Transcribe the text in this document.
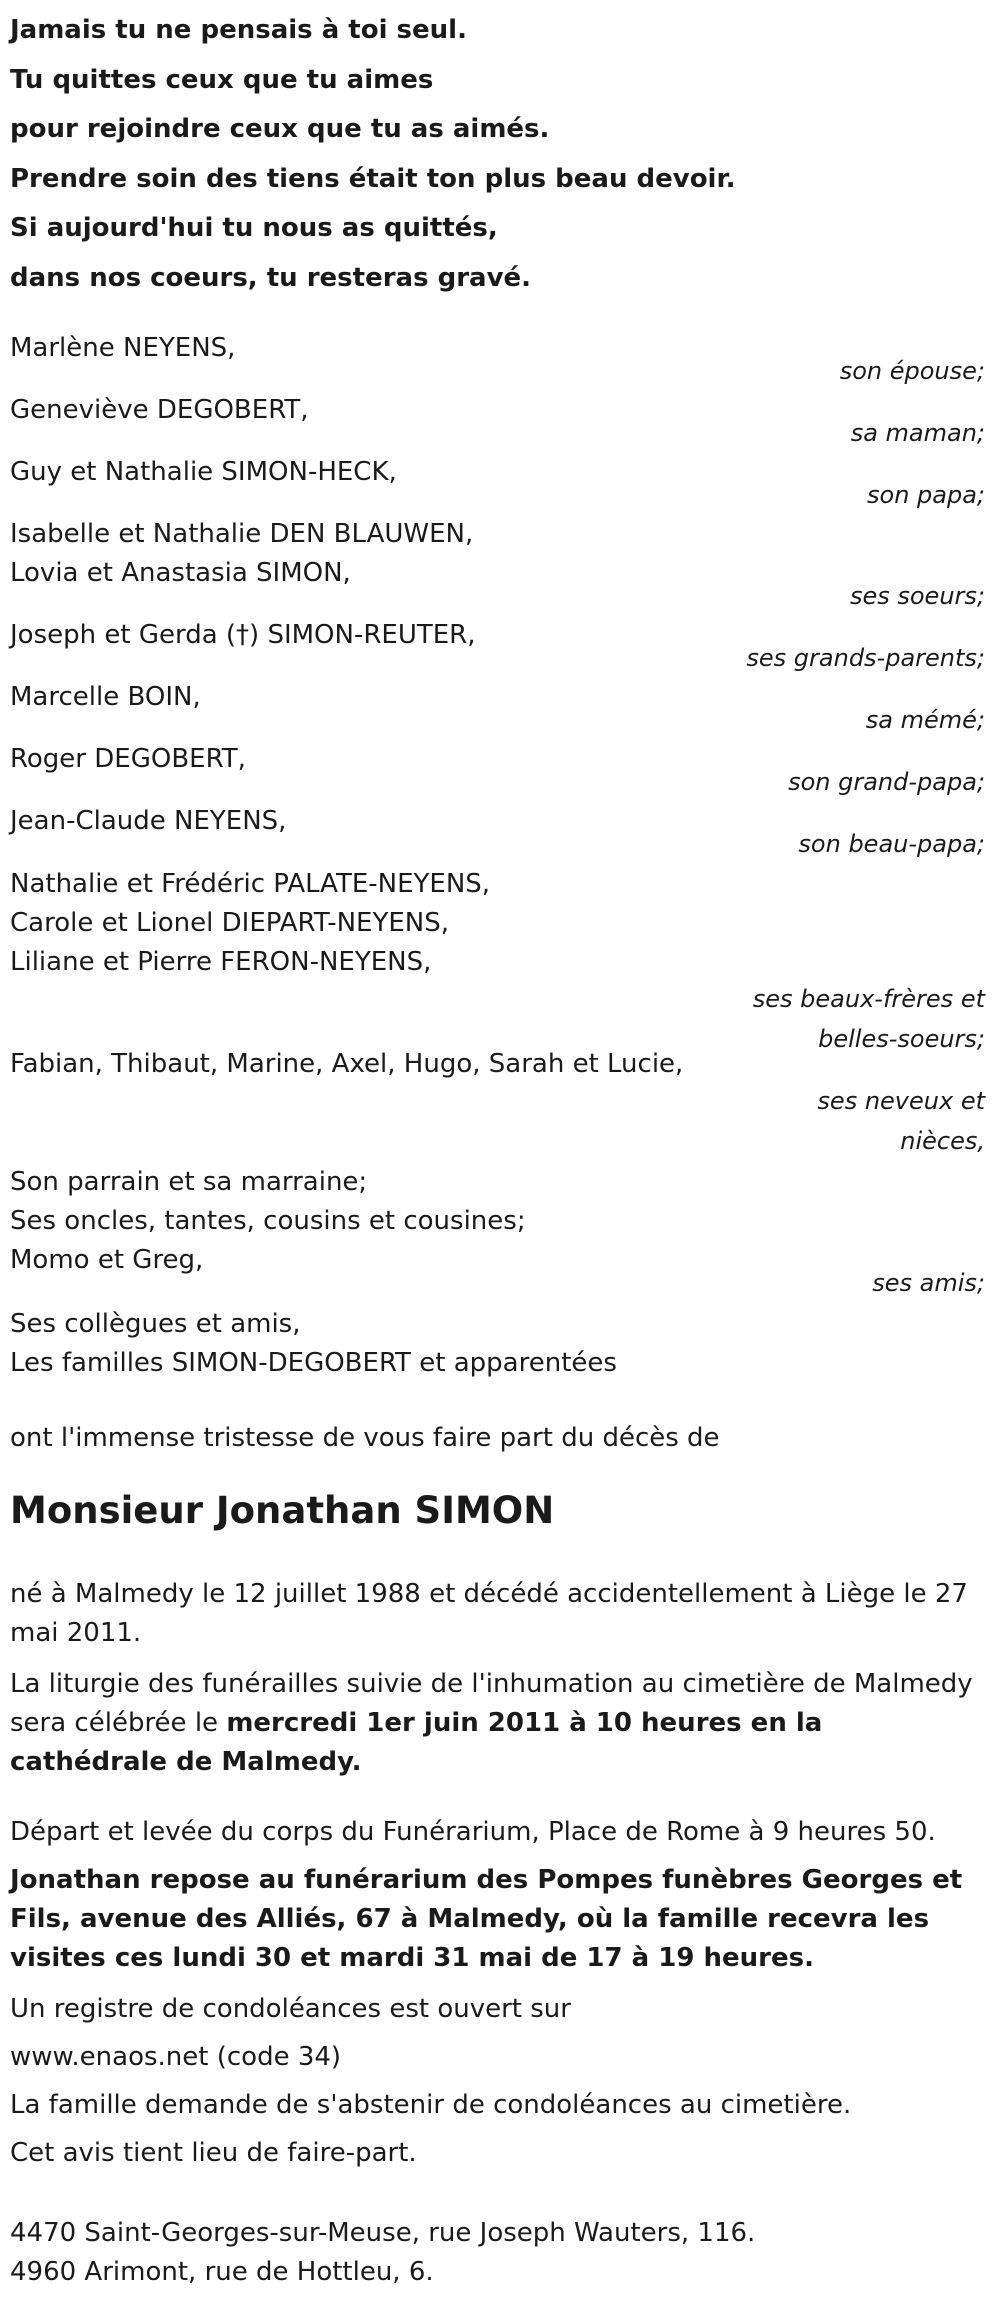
Jamais tu ne pensais à toi seul.
Tu quittes ceux que tu aimes
pour rejoindre ceux que tu as aimés.
Prendre soin des tiens était ton plus beau devoir.
Si aujourd'hui tu nous as quittés,
dans nos coeurs, tu resteras gravé.
Marlène NEYENS,
son épouse;
Geneviève DEGOBERT,
sa maman;
Guy et Nathalie SIMON-HECK,
son papa;
Isabelle et Nathalie DEN BLAUWEN,
Lovia et Anastasia SIMON,
ses soeurs;
Joseph et Gerda (†) SIMON-REUTER,
ses grands-parents;
Marcelle BOIN,
sa mémé;
Roger DEGOBERT,
son grand-papa;
Jean-Claude NEYENS,
son beau-papa;
Nathalie et Frédéric PALATE-NEYENS,
Carole et Lionel DIEPART-NEYENS,
Liliane et Pierre FERON-NEYENS,
ses beaux-frères et
belles-soeurs;
Fabian, Thibaut, Marine, Axel, Hugo, Sarah et Lucie,
ses neveux et
nièces,
Son parrain et sa marraine;
Ses oncles, tantes, cousins et cousines;
Momo et Greg,
ses amis;
Ses collègues et amis,
Les familles SIMON-DEGOBERT et apparentées
ont l'immense tristesse de vous faire part du décès de
Monsieur Jonathan SIMON
né à Malmedy le 12 juillet 1988 et décédé accidentellement à Liège le 27 mai 2011.
La liturgie des funérailles suivie de l'inhumation au cimetière de Malmedy sera célébrée le mercredi 1er juin 2011 à 10 heures en la cathédrale de Malmedy.
Départ et levée du corps du Funérarium, Place de Rome à 9 heures 50.
Jonathan repose au funérarium des Pompes funèbres Georges et Fils, avenue des Alliés, 67 à Malmedy, où la famille recevra les visites ces lundi 30 et mardi 31 mai de 17 à 19 heures.
Un registre de condoléances est ouvert sur
www.enaos.net (code 34)
La famille demande de s'abstenir de condoléances au cimetière.
Cet avis tient lieu de faire-part.
4470 Saint-Georges-sur-Meuse, rue Joseph Wauters, 116.
4960 Arimont, rue de Hottleu, 6.
